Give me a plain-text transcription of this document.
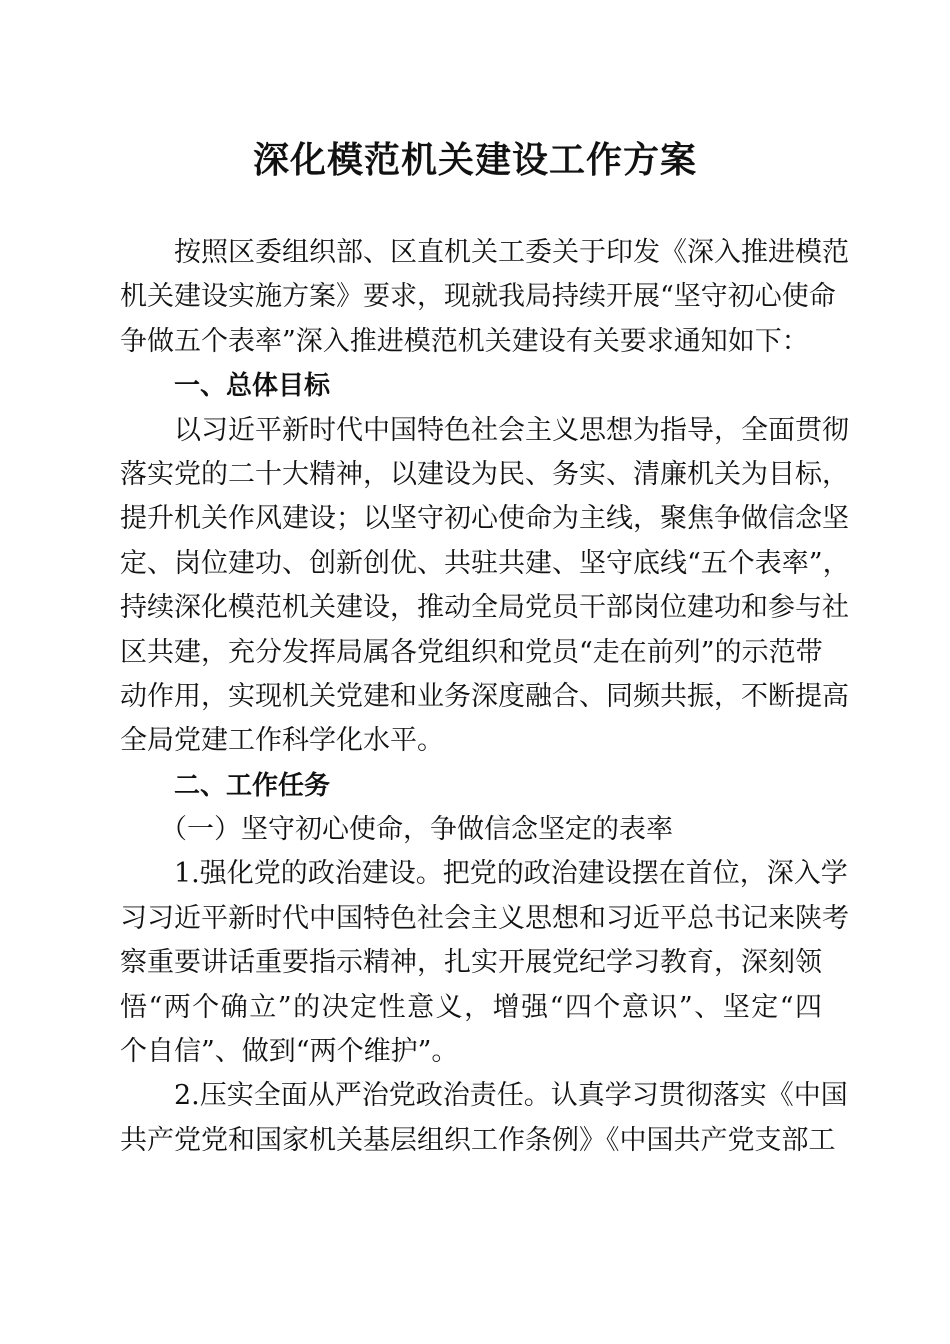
深化模范机关建设工作方案
按照区委组织部、区直机关工委关于印发《深入推进模范
机关建设实施方案》要求，现就我局持续开展“坚守初心使命
争做五个表率”深入推进模范机关建设有关要求通知如下：
一、总体目标
以习近平新时代中国特色社会主义思想为指导，全面贯彻
落实党的二十大精神，以建设为民、务实、清廉机关为目标，
提升机关作风建设；以坚守初心使命为主线，聚焦争做信念坚
定、岗位建功、创新创优、共驻共建、坚守底线“五个表率”，
持续深化模范机关建设，推动全局党员干部岗位建功和参与社
区共建，充分发挥局属各党组织和党员“走在前列”的示范带
动作用，实现机关党建和业务深度融合、同频共振，不断提高
全局党建工作科学化水平。
二、工作任务
（一）坚守初心使命，争做信念坚定的表率
1.强化党的政治建设。把党的政治建设摆在首位，深入学
习习近平新时代中国特色社会主义思想和习近平总书记来陕考
察重要讲话重要指示精神，扎实开展党纪学习教育，深刻领
悟“两个确立”的决定性意义，增强“四个意识”、坚定“四
个自信”、做到“两个维护”。
2.压实全面从严治党政治责任。认真学习贯彻落实《中国
共产党党和国家机关基层组织工作条例》《中国共产党支部工
